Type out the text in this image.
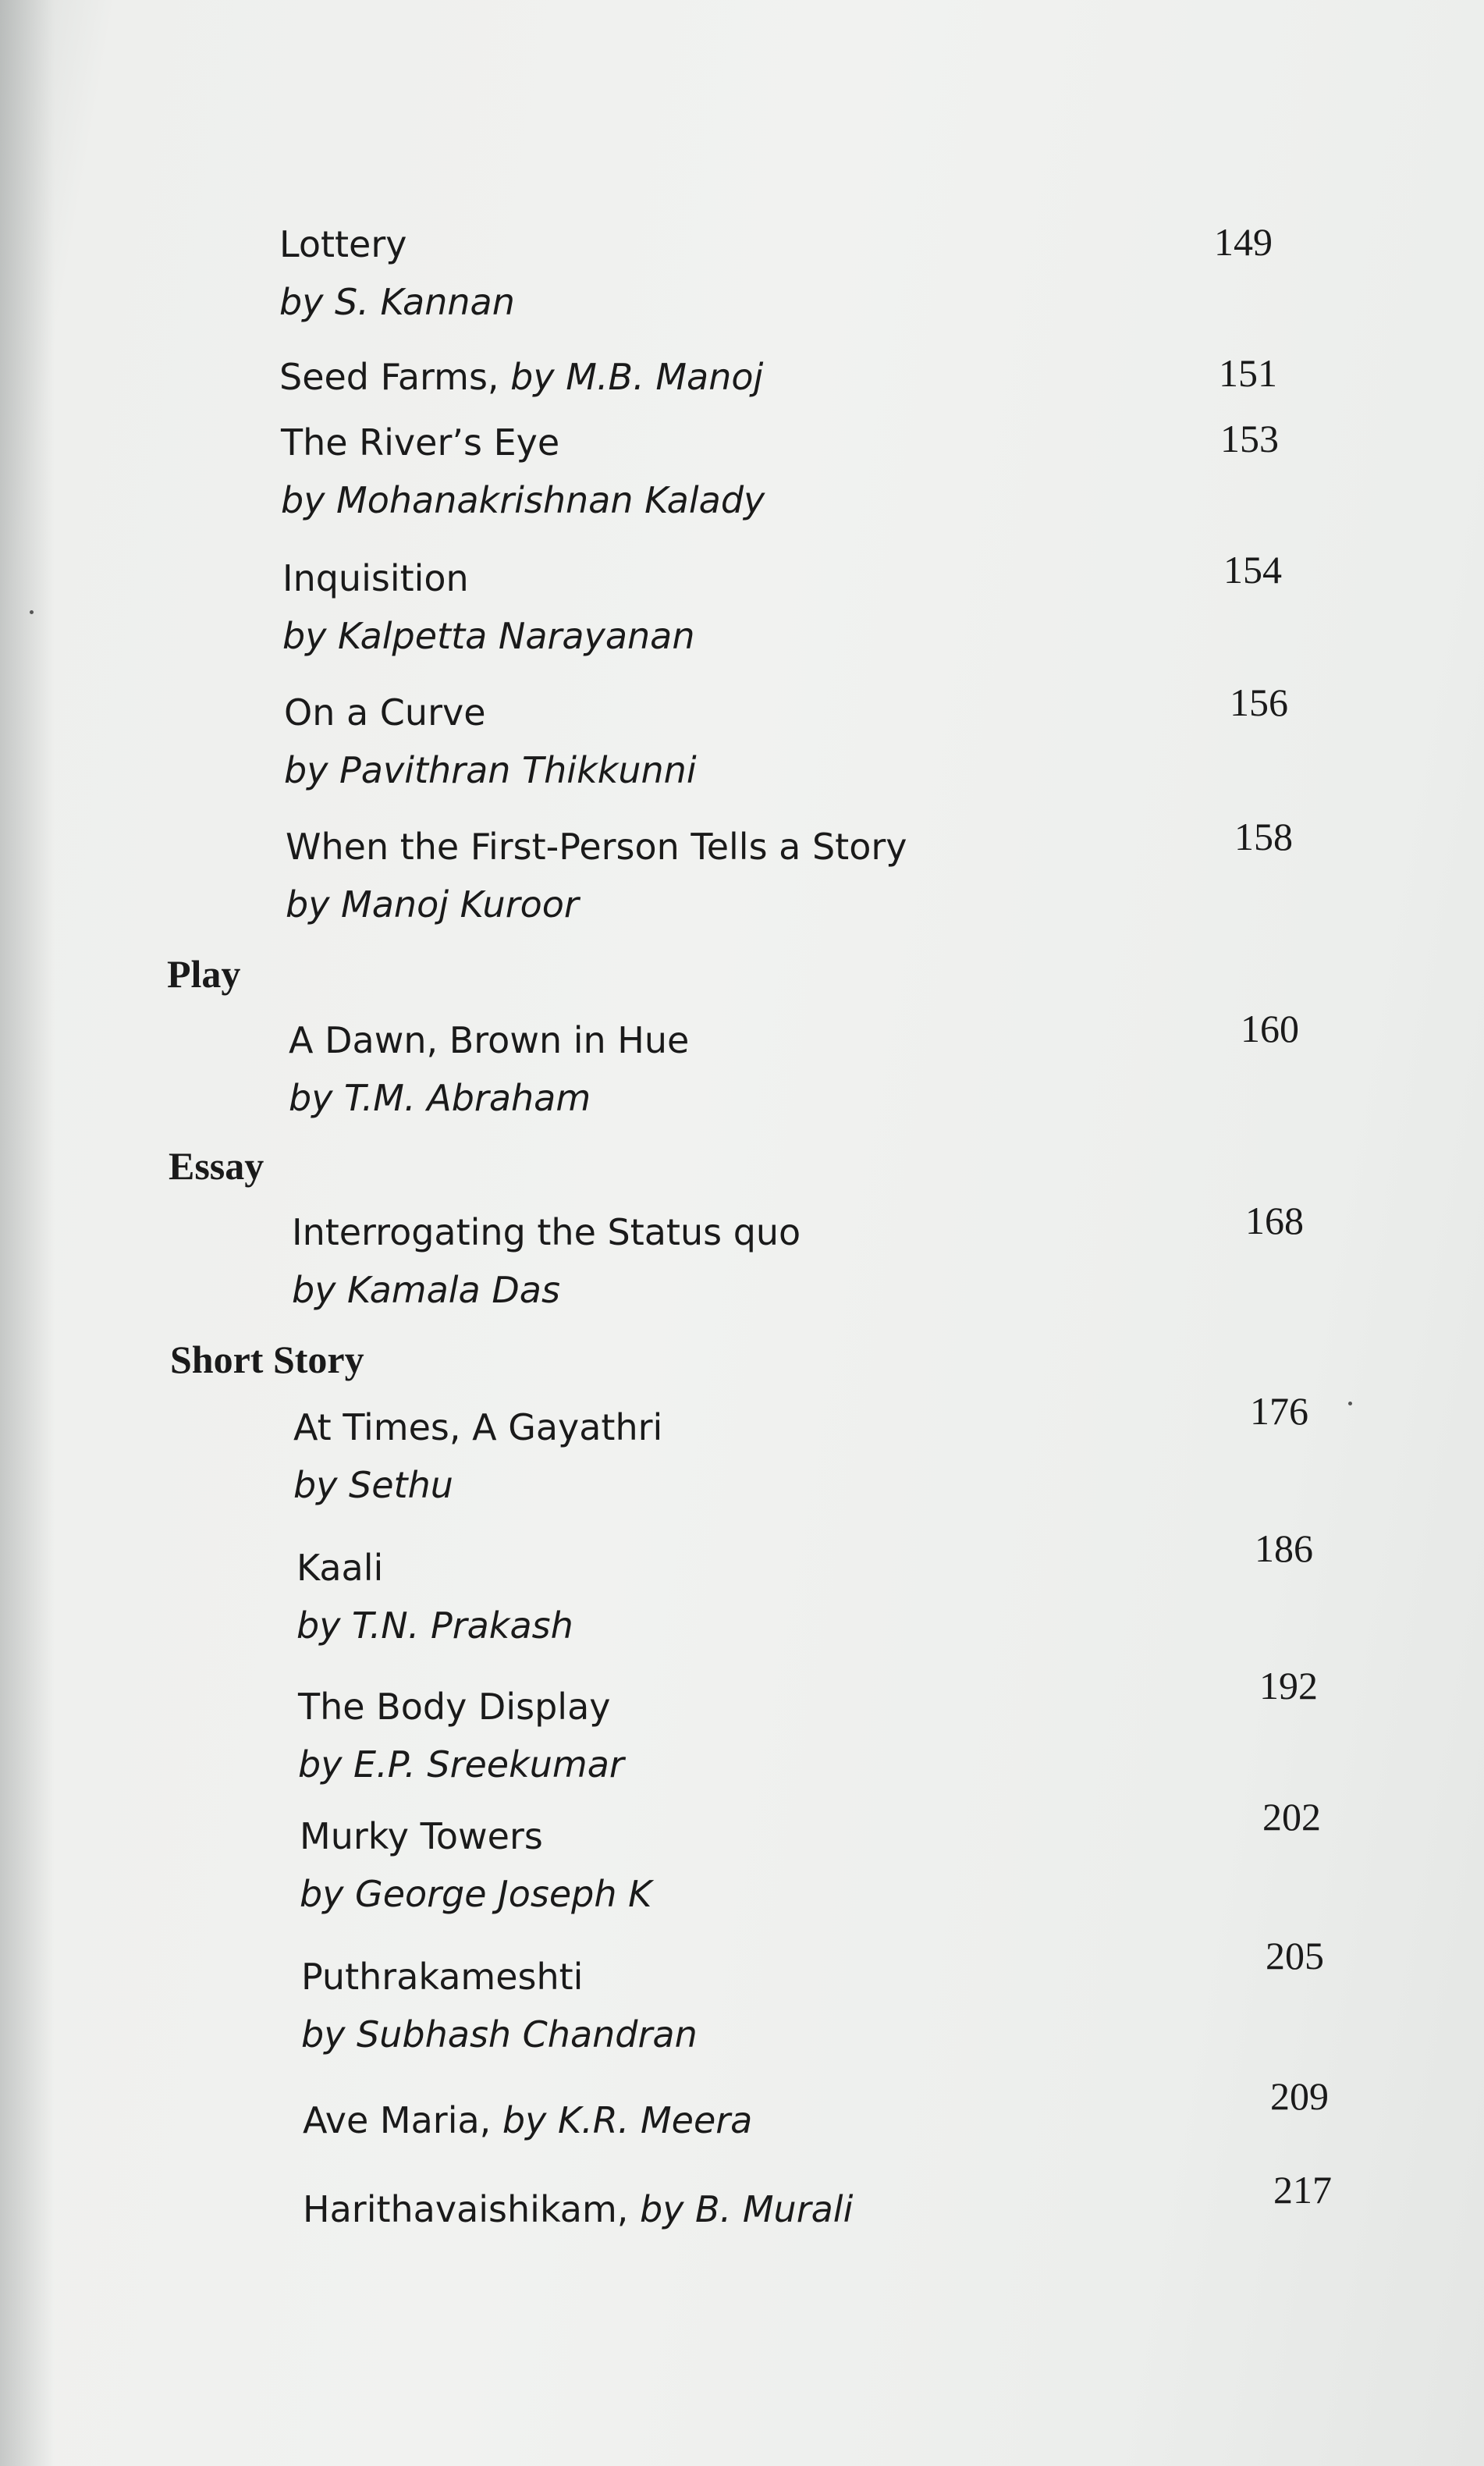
Lottery
by S. Kannan
149
Seed Farms, by M.B. Manoj	151
The River’s Eye
by Mohanakrishnan Kalady
153
Inquisition
by Kalpetta Narayanan
154
On a Curve
by Pavithran Thikkunni
156
When the First-Person Tells a Story
by Manoj Kuroor
158
Play
A Dawn, Brown in Hue
by T.M. Abraham
160
Essay
Interrogating the Status quo
by Kamala Das
168
Short Story
At Times, A Gayathri
by Sethu
176
Kaali
by T.N. Prakash
186
The Body Display
by E.P. Sreekumar
192
Murky Towers
by George Joseph K
202
Puthrakameshti
by Subhash Chandran
205
Ave Maria, by K.R. Meera
209
Harithavaishikam, by B. Murali	217
